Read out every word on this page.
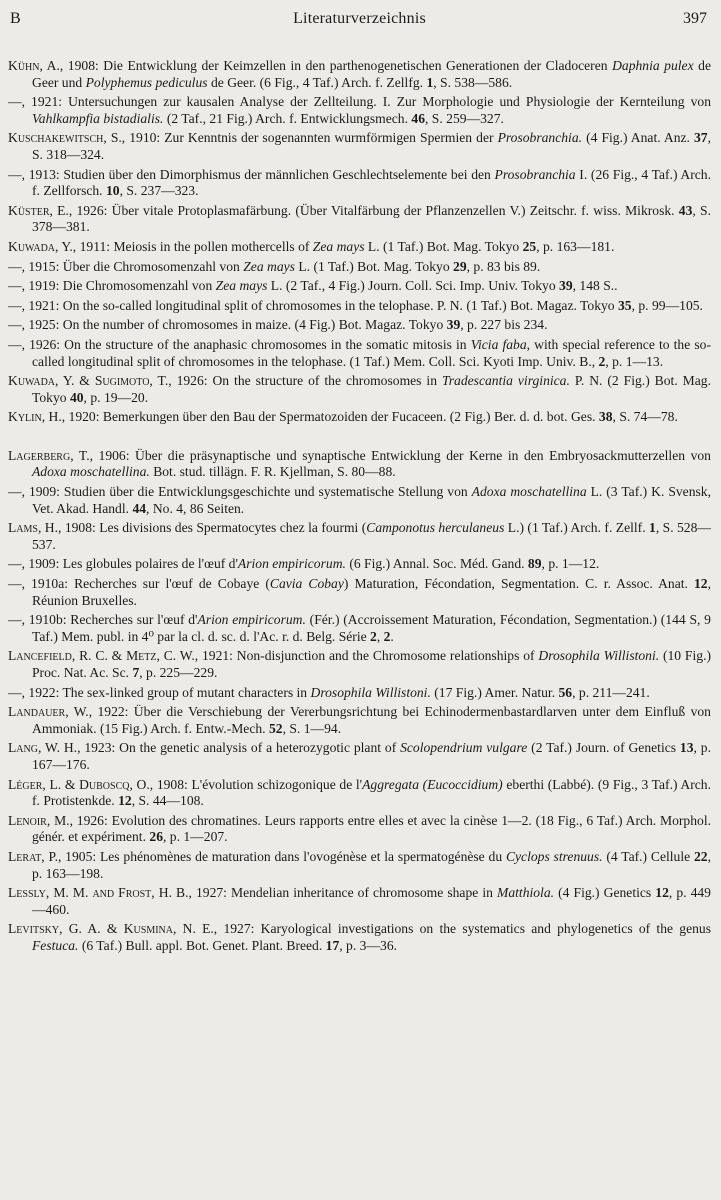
B	Literaturverzeichnis	397
Kühn, A., 1908: Die Entwicklung der Keimzellen in den parthenogenetischen Generationen der Cladoceren Daphnia pulex de Geer und Polyphemus pediculus de Geer. (6 Fig., 4 Taf.) Arch. f. Zellfg. 1, S. 538—586.
—, 1921: Untersuchungen zur kausalen Analyse der Zellteilung. I. Zur Morphologie und Physiologie der Kernteilung von Vahlkampfia bistadialis. (2 Taf., 21 Fig.) Arch. f. Entwicklungsmech. 46, S. 259—327.
Kuschakewitsch, S., 1910: Zur Kenntnis der sogenannten wurmförmigen Spermien der Prosobranchia. (4 Fig.) Anat. Anz. 37, S. 318—324.
—, 1913: Studien über den Dimorphismus der männlichen Geschlechtselemente bei den Prosobranchia I. (26 Fig., 4 Taf.) Arch. f. Zellforsch. 10, S. 237—323.
Küster, E., 1926: Über vitale Protoplasmafärbung. (Über Vitalfärbung der Pflanzenzellen V.) Zeitschr. f. wiss. Mikrosk. 43, S. 378—381.
Kuwada, Y., 1911: Meiosis in the pollen mothercells of Zea mays L. (1 Taf.) Bot. Mag. Tokyo 25, p. 163—181.
—, 1915: Über die Chromosomenzahl von Zea mays L. (1 Taf.) Bot. Mag. Tokyo 29, p. 83 bis 89.
—, 1919: Die Chromosomenzahl von Zea mays L. (2 Taf., 4 Fig.) Journ. Coll. Sci. Imp. Univ. Tokyo 39, 148 S..
—, 1921: On the so-called longitudinal split of chromosomes in the telophase. P. N. (1 Taf.) Bot. Magaz. Tokyo 35, p. 99—105.
—, 1925: On the number of chromosomes in maize. (4 Fig.) Bot. Magaz. Tokyo 39, p. 227 bis 234.
—, 1926: On the structure of the anaphasic chromosomes in the somatic mitosis in Vicia faba, with special reference to the so-called longitudinal split of chromosomes in the telophase. (1 Taf.) Mem. Coll. Sci. Kyoti Imp. Univ. B., 2, p. 1—13.
Kuwada, Y. & Sugimoto, T., 1926: On the structure of the chromosomes in Tradescantia virginica. P. N. (2 Fig.) Bot. Mag. Tokyo 40, p. 19—20.
Kylin, H., 1920: Bemerkungen über den Bau der Spermatozoiden der Fucaceen. (2 Fig.) Ber. d. d. bot. Ges. 38, S. 74—78.
Lagerberg, T., 1906: Über die präsynaptische und synaptische Entwicklung der Kerne in den Embryosackmutterzellen von Adoxa moschatellina. Bot. stud. tillägn. F. R. Kjellman, S. 80—88.
—, 1909: Studien über die Entwicklungsgeschichte und systematische Stellung von Adoxa moschatellina L. (3 Taf.) K. Svensk, Vet. Akad. Handl. 44, No. 4, 86 Seiten.
Lams, H., 1908: Les divisions des Spermatocytes chez la fourmi (Camponotus herculaneus L.) (1 Taf.) Arch. f. Zellf. 1, S. 528—537.
—, 1909: Les globules polaires de l'œuf d'Arion empiricorum. (6 Fig.) Annal. Soc. Méd. Gand. 89, p. 1—12.
—, 1910a: Recherches sur l'œuf de Cobaye (Cavia Cobay) Maturation, Fécondation, Segmentation. C. r. Assoc. Anat. 12, Réunion Bruxelles.
—, 1910b: Recherches sur l'œuf d'Arion empiricorum. (Fér.) (Accroissement Maturation, Fécondation, Segmentation.) (144 S, 9 Taf.) Mem. publ. in 4⁰ par la cl. d. sc. d. l'Ac. r. d. Belg. Série 2, 2.
Lancefield, R. C. & Metz, C. W., 1921: Non-disjunction and the Chromosome relationships of Drosophila Willistoni. (10 Fig.) Proc. Nat. Ac. Sc. 7, p. 225—229.
—, 1922: The sex-linked group of mutant characters in Drosophila Willistoni. (17 Fig.) Amer. Natur. 56, p. 211—241.
Landauer, W., 1922: Über die Verschiebung der Vererbungsrichtung bei Echinodermenbastardlarven unter dem Einfluß von Ammoniak. (15 Fig.) Arch. f. Entw.-Mech. 52, S. 1—94.
Lang, W. H., 1923: On the genetic analysis of a heterozygotic plant of Scolopendrium vulgare (2 Taf.) Journ. of Genetics 13, p. 167—176.
Léger, L. & Duboscq, O., 1908: L'évolution schizogonique de l'Aggregata (Eucoccidium) eberthi (Labbé). (9 Fig., 3 Taf.) Arch. f. Protistenkde. 12, S. 44—108.
Lenoir, M., 1926: Evolution des chromatines. Leurs rapports entre elles et avec la cinèse 1—2. (18 Fig., 6 Taf.) Arch. Morphol. génér. et expériment. 26, p. 1—207.
Lerat, P., 1905: Les phénomènes de maturation dans l'ovogénèse et la spermatogénèse du Cyclops strenuus. (4 Taf.) Cellule 22, p. 163—198.
Lessly, M. M. and Frost, H. B., 1927: Mendelian inheritance of chromosome shape in Matthiola. (4 Fig.) Genetics 12, p. 449—460.
Levitsky, G. A. & Kusmina, N. E., 1927: Karyological investigations on the systematics and phylogenetics of the genus Festuca. (6 Taf.) Bull. appl. Bot. Genet. Plant. Breed. 17, p. 3—36.
